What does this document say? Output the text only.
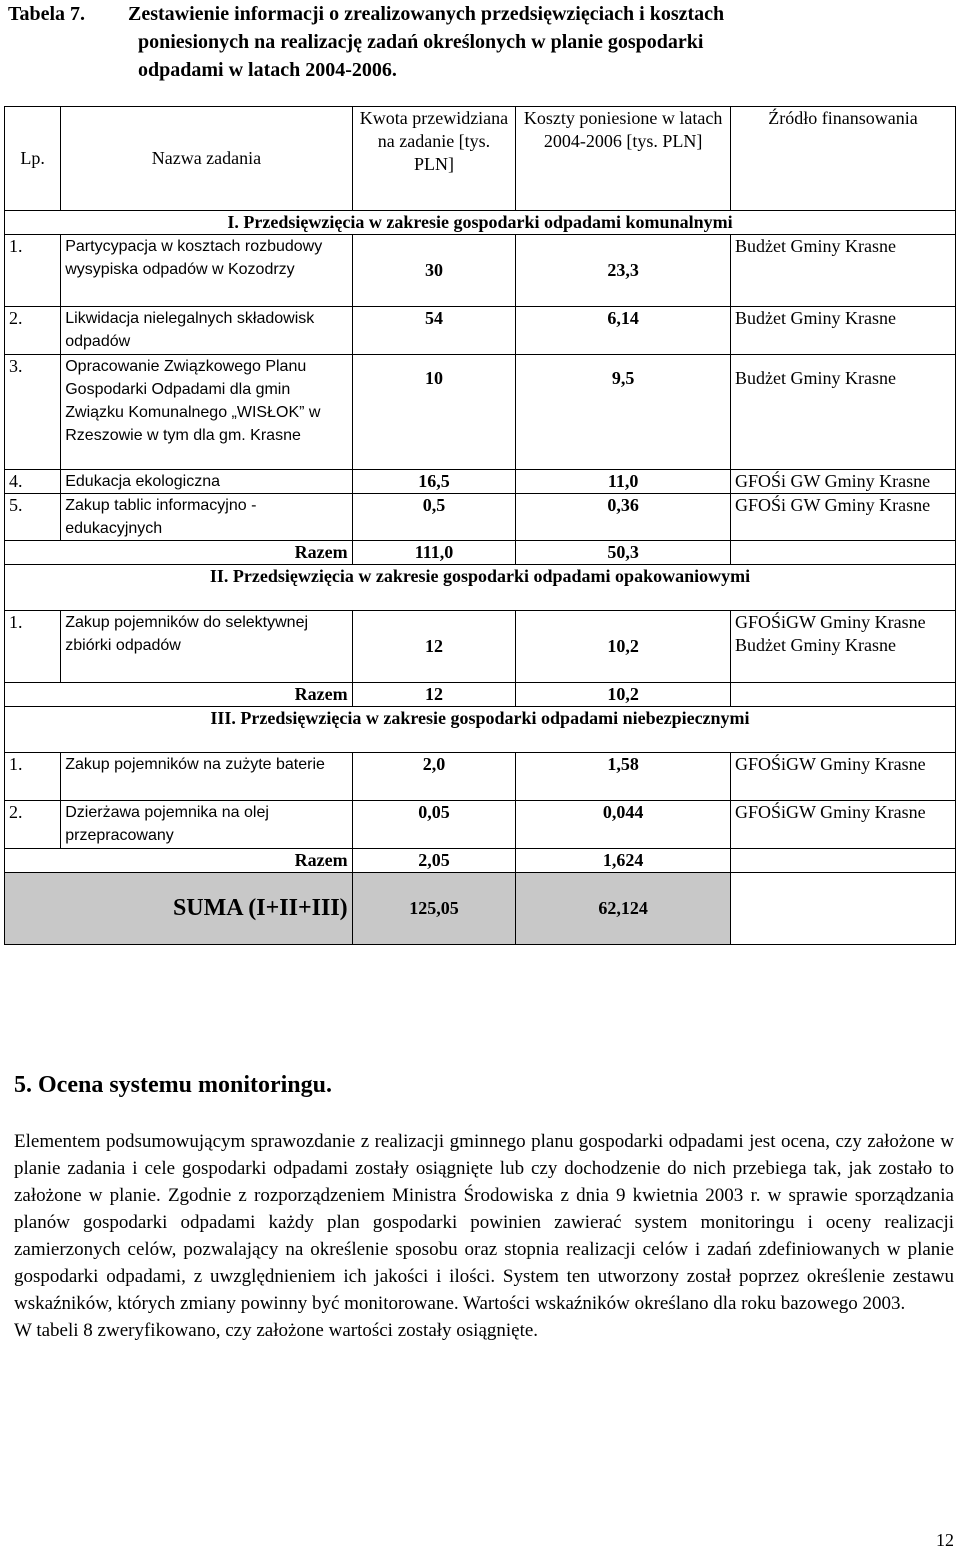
Tabela 7. Zestawienie informacji o zrealizowanych przedsięwzięciach i kosztach
poniesionych na realizację zadań określonych w planie gospodarki
odpadami w latach 2004-2006.
Lp.	Nazwa zadania	Kwota przewidziana na zadanie [tys. PLN]	Koszty poniesione w latach 2004-2006 [tys. PLN]	Źródło finansowania
I. Przedsięwzięcia w zakresie gospodarki odpadami komunalnymi				
1.	Partycypacja w kosztach rozbudowy wysypiska odpadów w Kozodrzy	30	23,3	Budżet Gminy Krasne
2.	Likwidacja nielegalnych składowisk odpadów	54	6,14	Budżet Gminy Krasne
3.	Opracowanie Związkowego Planu Gospodarki Odpadami dla gmin Związku Komunalnego „WISŁOK” w Rzeszowie w tym dla gm. Krasne	10	9,5	Budżet Gminy Krasne
4.	Edukacja ekologiczna	16,5	11,0	GFOŚi GW Gminy Krasne
5.	Zakup tablic informacyjno - edukacyjnych	0,5	0,36	GFOŚi GW Gminy Krasne
Razem		111,0	50,3	
II. Przedsięwzięcia w zakresie gospodarki odpadami opakowaniowymi				
1.	Zakup pojemników do selektywnej zbiórki odpadów	12	10,2	GFOŚiGW Gminy Krasne Budżet Gminy Krasne
Razem		12	10,2	
III. Przedsięwzięcia w zakresie gospodarki odpadami niebezpiecznymi				
1.	Zakup pojemników na zużyte baterie	2,0	1,58	GFOŚiGW Gminy Krasne
2.	Dzierżawa pojemnika na olej przepracowany	0,05	0,044	GFOŚiGW Gminy Krasne
Razem		2,05	1,624	
SUMA (I+II+III)		125,05	62,124	
5. Ocena systemu monitoringu.

Elementem podsumowującym sprawozdanie z realizacji gminnego planu gospodarki odpadami jest ocena, czy założone w planie zadania i cele gospodarki odpadami zostały osiągnięte lub czy dochodzenie do nich przebiega tak, jak zostało to założone w planie. Zgodnie z rozporządzeniem Ministra Środowiska z dnia 9 kwietnia 2003 r. w sprawie sporządzania planów gospodarki odpadami każdy plan gospodarki powinien zawierać system monitoringu i oceny realizacji zamierzonych celów, pozwalający na określenie sposobu oraz stopnia realizacji celów i zadań zdefiniowanych w planie gospodarki odpadami, z uwzględnieniem ich jakości i ilości. System ten utworzony został poprzez określenie zestawu wskaźników, których zmiany powinny być monitorowane. Wartości wskaźników określano dla roku bazowego 2003.

W tabeli 8 zweryfikowano, czy założone wartości zostały osiągnięte.

12
